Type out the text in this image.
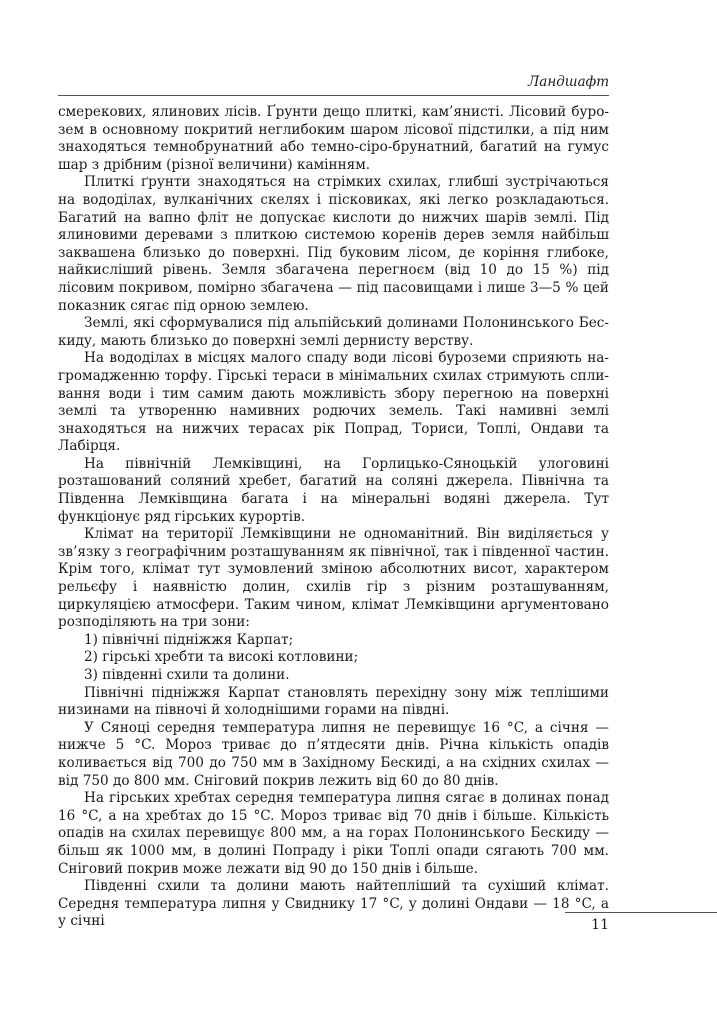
Ландшафт

смерекових, ялинових лісів. Ґрунти дещо плиткі, кам’янисті. Лісовий бурозем в основному покритий неглибоким шаром лісової підстилки, а під ним знаходяться темнобрунатний або темно-сіро-брунатний, багатий на гумус шар з дрібним (різної величини) камінням.

Плиткі ґрунти знаходяться на стрімких схилах, глибші зустрічаються на вододілах, вулканічних скелях і пісковиках, які легко розкладаються. Багатий на вапно фліт не допускає кислоти до нижчих шарів землі. Під ялиновими деревами з плиткою системою коренів дерев земля найбільш заквашена близько до поверхні. Під буковим лісом, де коріння глибоке, найкисліший рівень. Земля збагачена перегноєм (від 10 до 15 %) під лісовим покривом, помірно збагачена — під пасовищами і лише 3—5 % цей показник сягає під орною землею.

Землі, які сформувалися під альпійський долинами Полонинського Бескиду, мають близько до поверхні землі дернисту верству.

На вододілах в місцях малого спаду води лісові буроземи сприяють нагромадженню торфу. Гірські тераси в мінімальних схилах стримують спливання води і тим самим дають можливість збору перегною на поверхні землі та утворенню намивних родючих земель. Такі намивні землі знаходяться на нижчих терасах рік Попрад, Ториси, Топлі, Ондави та Лабірця.

На північній Лемківщині, на Горлицько-Сяноцькій улоговині розташований соляний хребет, багатий на соляні джерела. Північна та Південна Лемківщина багата і на мінеральні водяні джерела. Тут функціонує ряд гірських курортів.

Клімат на території Лемківщини не одноманітний. Він виділяється у зв’язку з географічним розташуванням як північної, так і південної частин. Крім того, клімат тут зумовлений зміною абсолютних висот, характером рельєфу і наявністю долин, схилів гір з різним розташуванням, циркуляцією атмосфери. Таким чином, клімат Лемківщини аргументовано розподіляють на три зони:

1) північні підніжжя Карпат;

2) гірські хребти та високі котловини;

3) південні схили та долини.

Північні підніжжя Карпат становлять перехідну зону між теплішими низинами на півночі й холоднішими горами на півдні.

У Сяноці середня температура липня не перевищує 16 °C, а січня — нижче 5 °C. Мороз триває до п’ятдесяти днів. Річна кількість опадів коливається від 700 до 750 мм в Західному Бескиді, а на східних схилах — від 750 до 800 мм. Сніговий покрив лежить від 60 до 80 днів.

На гірських хребтах середня температура липня сягає в долинах понад 16 °C, а на хребтах до 15 °C. Мороз триває від 70 днів і більше. Кількість опадів на схилах перевищує 800 мм, а на горах Полонинського Бескиду — більш як 1000 мм, в долині Попраду і ріки Топлі опади сягають 700 мм. Сніговий покрив може лежати від 90 до 150 днів і більше.

Південні схили та долини мають найтепліший та сухіший клімат. Середня температура липня у Свиднику 17 °C, у долині Ондави — 18 °C, а у січні	11
